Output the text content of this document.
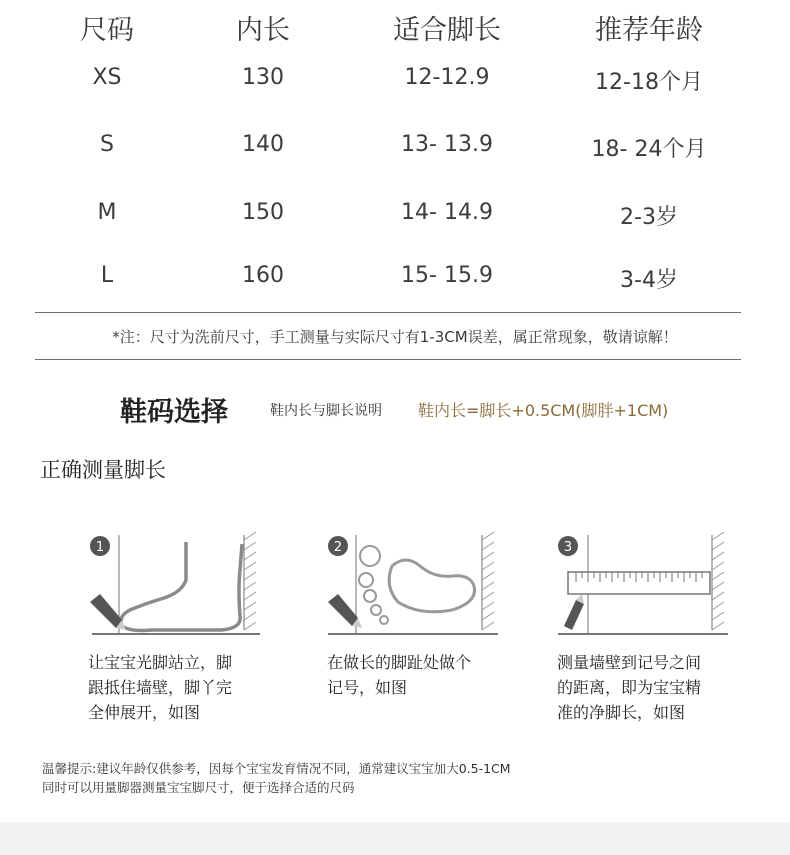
尺码	内长	适合脚长	推荐年龄
XS	130	12-12.9	12-18个月
S	140	13- 13.9	18- 24个月
M	150	14- 14.9	2-3岁
L	160	15- 15.9	3-4岁
*注：尺寸为洗前尺寸，手工测量与实际尺寸有1-3CM误差，属正常现象，敬请谅解！
鞋码选择	鞋内长与脚长说明 鞋内长=脚长+0.5CM(脚胖+1CM)
正确测量脚长
1	2	3
让宝宝光脚站立，脚
跟抵住墙壁，脚丫完
全伸展开，如图
在做长的脚趾处做个
记号，如图
测量墙壁到记号之间
的距离，即为宝宝精
准的净脚长，如图
温馨提示:建议年龄仅供参考，因每个宝宝发育情况不同，通常建议宝宝加大0.5-1CM
同时可以用量脚器测量宝宝脚尺寸，便于选择合适的尺码
